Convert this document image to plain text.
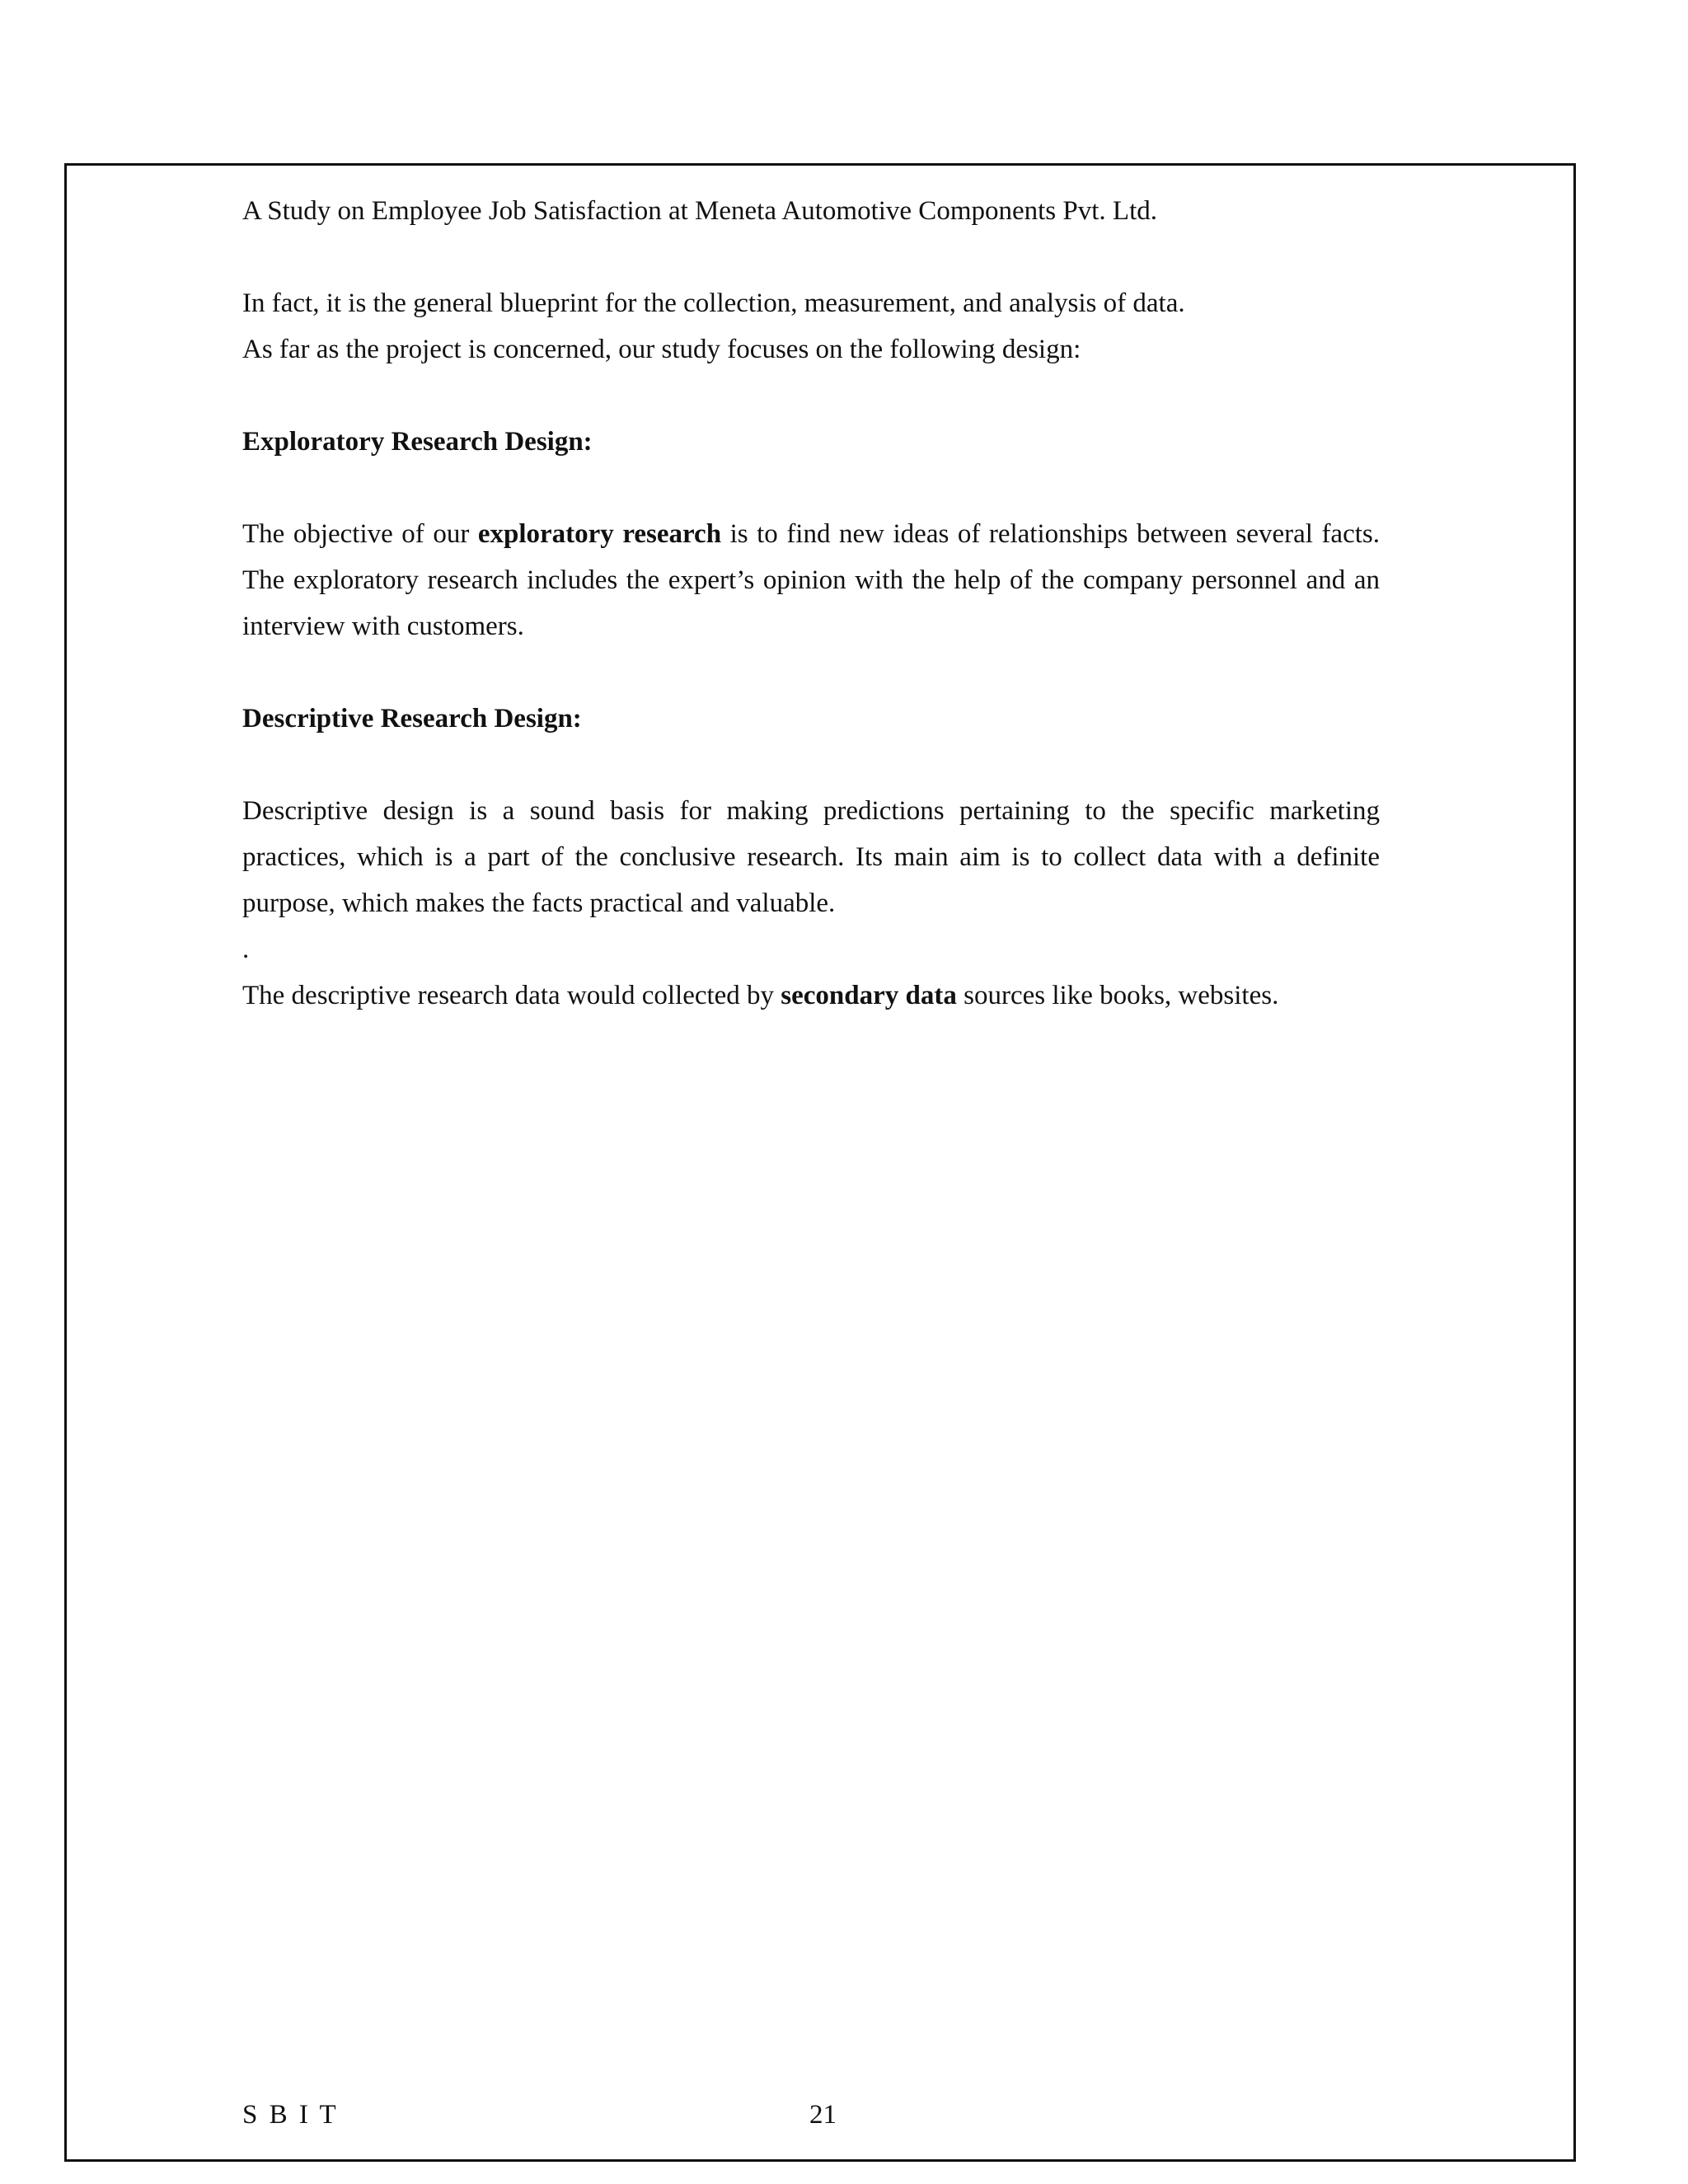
A Study on Employee Job Satisfaction at Meneta Automotive Components Pvt. Ltd.

In fact, it is the general blueprint for the collection, measurement, and analysis of data.

As far as the project is concerned, our study focuses on the following design:

Exploratory Research Design:

The objective of our exploratory research is to find new ideas of relationships between several facts. The exploratory research includes the expert’s opinion with the help of the company personnel and an interview with customers.

Descriptive Research Design:

Descriptive design is a sound basis for making predictions pertaining to the specific marketing practices, which is a part of the conclusive research. Its main aim is to collect data with a definite purpose, which makes the facts practical and valuable.

.

The descriptive research data would collected by secondary data sources like books, websites.

S B I T	21
